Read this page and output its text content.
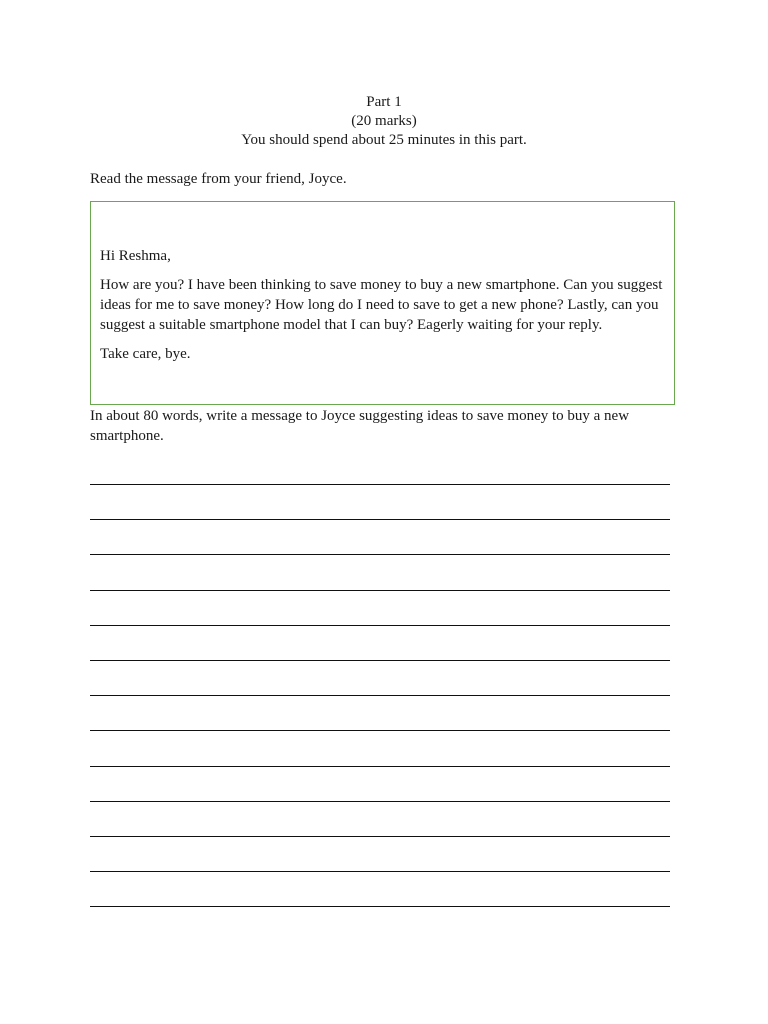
Part 1
(20 marks)
You should spend about 25 minutes in this part.
Read the message from your friend, Joyce.

Hi Reshma,

How are you? I have been thinking to save money to buy a new smartphone. Can you suggest ideas for me to save money? How long do I need to save to get a new phone? Lastly, can you suggest a suitable smartphone model that I can buy? Eagerly waiting for your reply.

Take care, bye.

In about 80 words, write a message to Joyce suggesting ideas to save money to buy a new smartphone.
